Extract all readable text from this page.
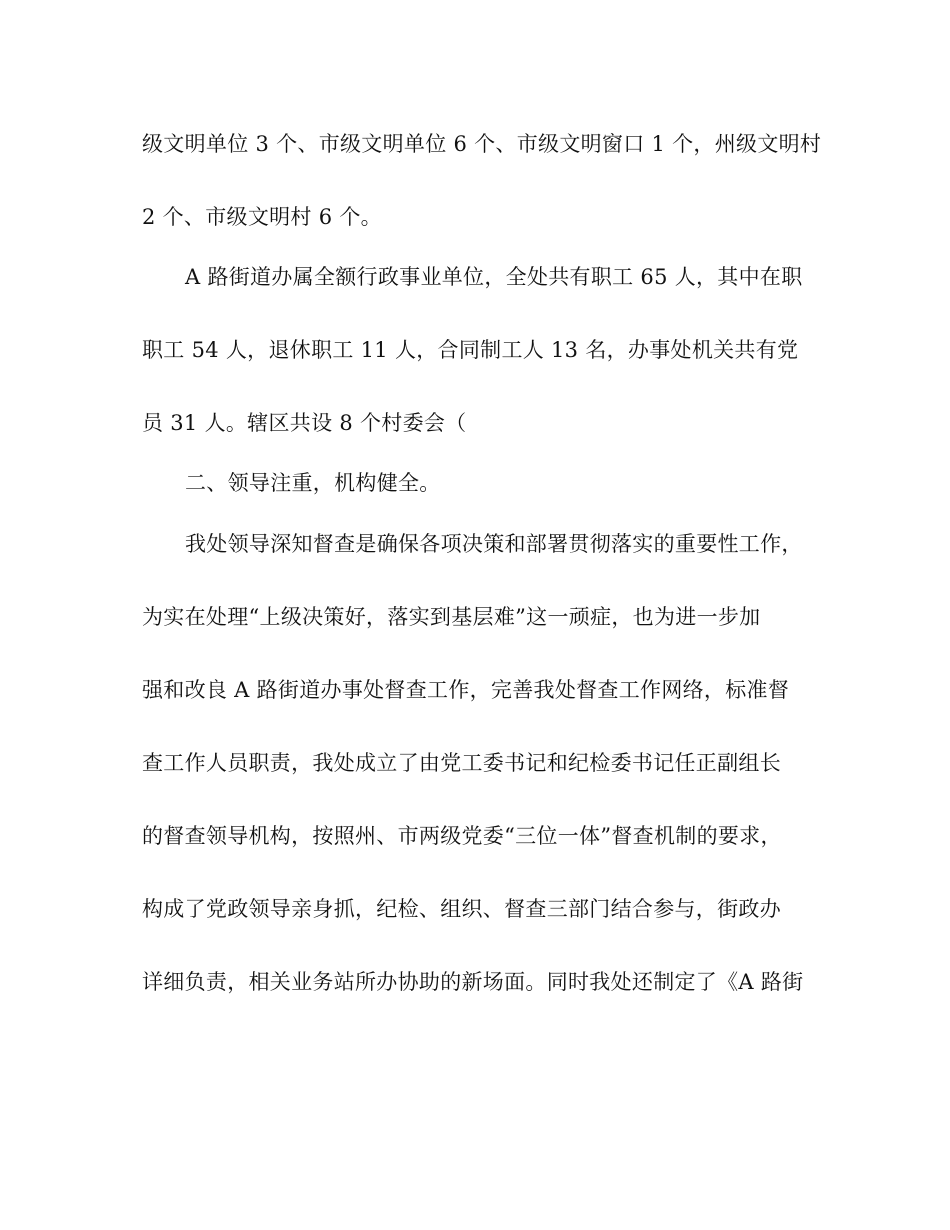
级文明单位 3 个、市级文明单位 6 个、市级文明窗口 1 个，州级文明村
2 个、市级文明村 6 个。
A 路街道办属全额行政事业单位，全处共有职工 65 人，其中在职
职工 54 人，退休职工 11 人，合同制工人 13 名，办事处机关共有党
员 31 人。辖区共设 8 个村委会（
二、领导注重，机构健全。
我处领导深知督查是确保各项决策和部署贯彻落实的重要性工作，
为实在处理“上级决策好，落实到基层难”这一顽症，也为进一步加
强和改良 A 路街道办事处督查工作，完善我处督查工作网络，标准督
查工作人员职责，我处成立了由党工委书记和纪检委书记任正副组长
的督查领导机构，按照州、市两级党委“三位一体”督查机制的要求，
构成了党政领导亲身抓，纪检、组织、督查三部门结合参与，街政办
详细负责，相关业务站所办协助的新场面。同时我处还制定了《A 路街
